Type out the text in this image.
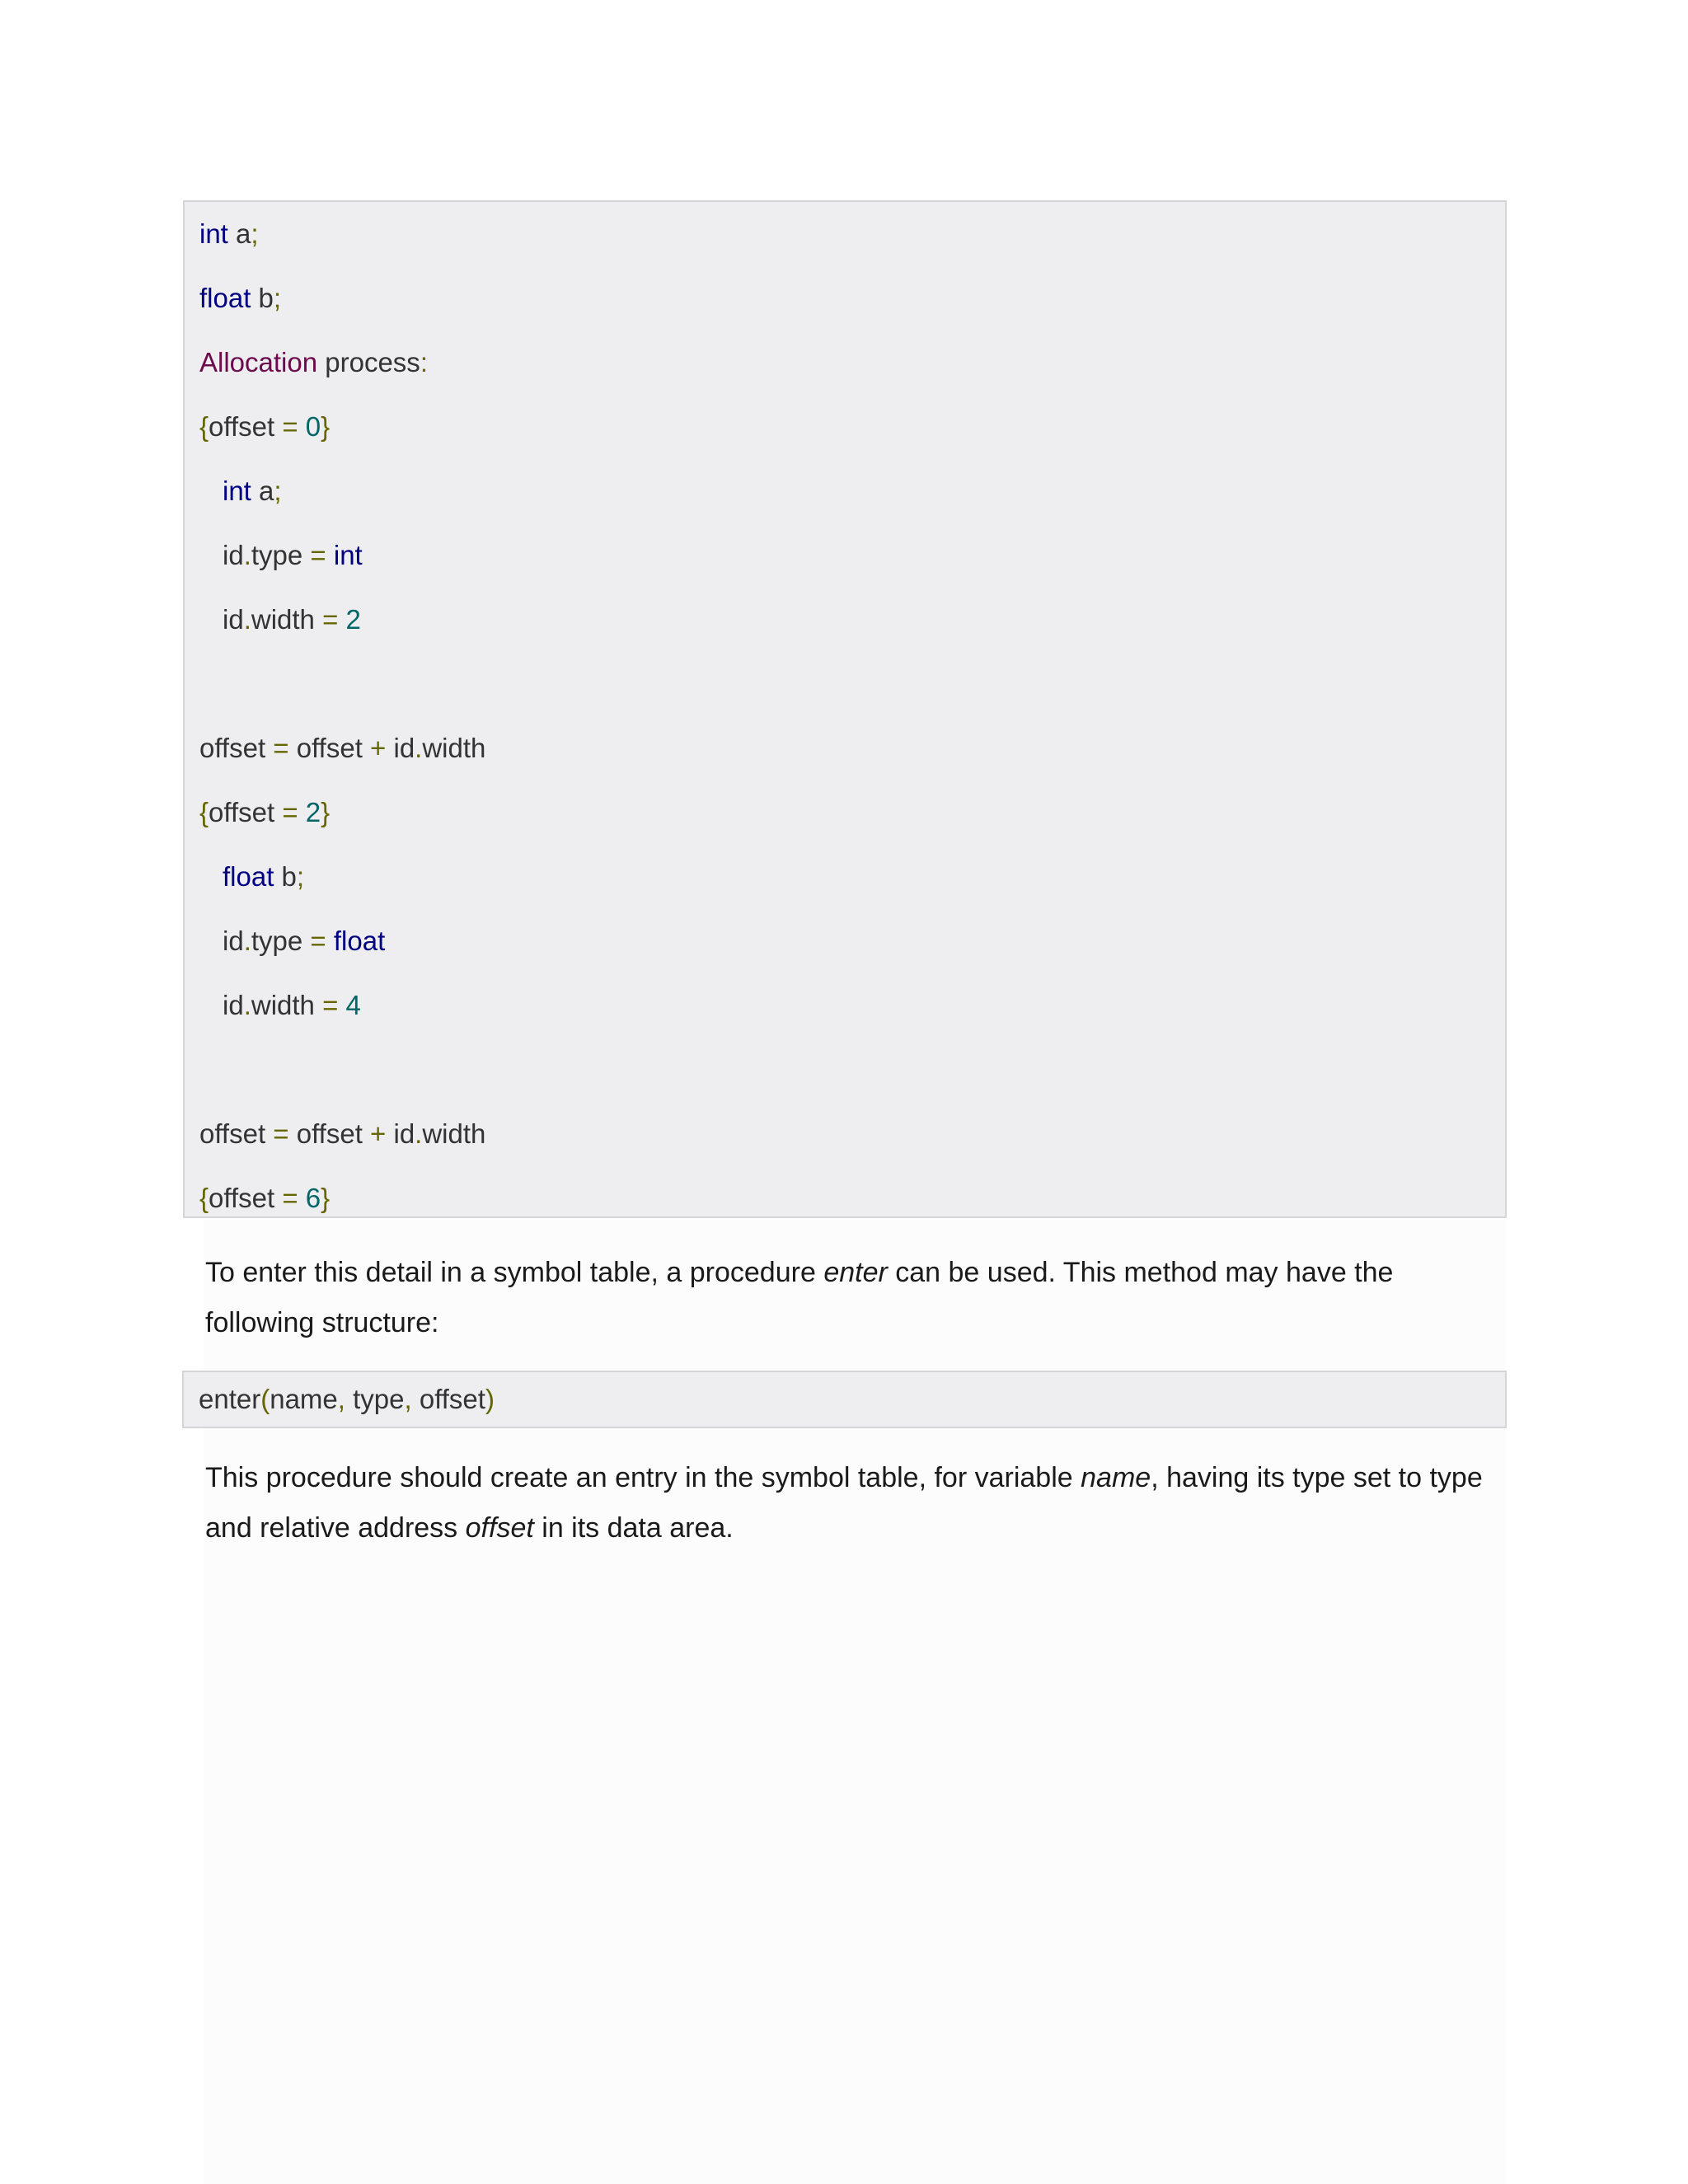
int a;
float b;
Allocation process:
{offset = 0}
int a;
id.type = int
id.width = 2
offset = offset + id.width
{offset = 2}
float b;
id.type = float
id.width = 4
offset = offset + id.width
{offset = 6}

To enter this detail in a symbol table, a procedure enter can be used. This method may have the following structure:

enter(name, type, offset)

This procedure should create an entry in the symbol table, for variable name, having its type set to type and relative address offset in its data area.
